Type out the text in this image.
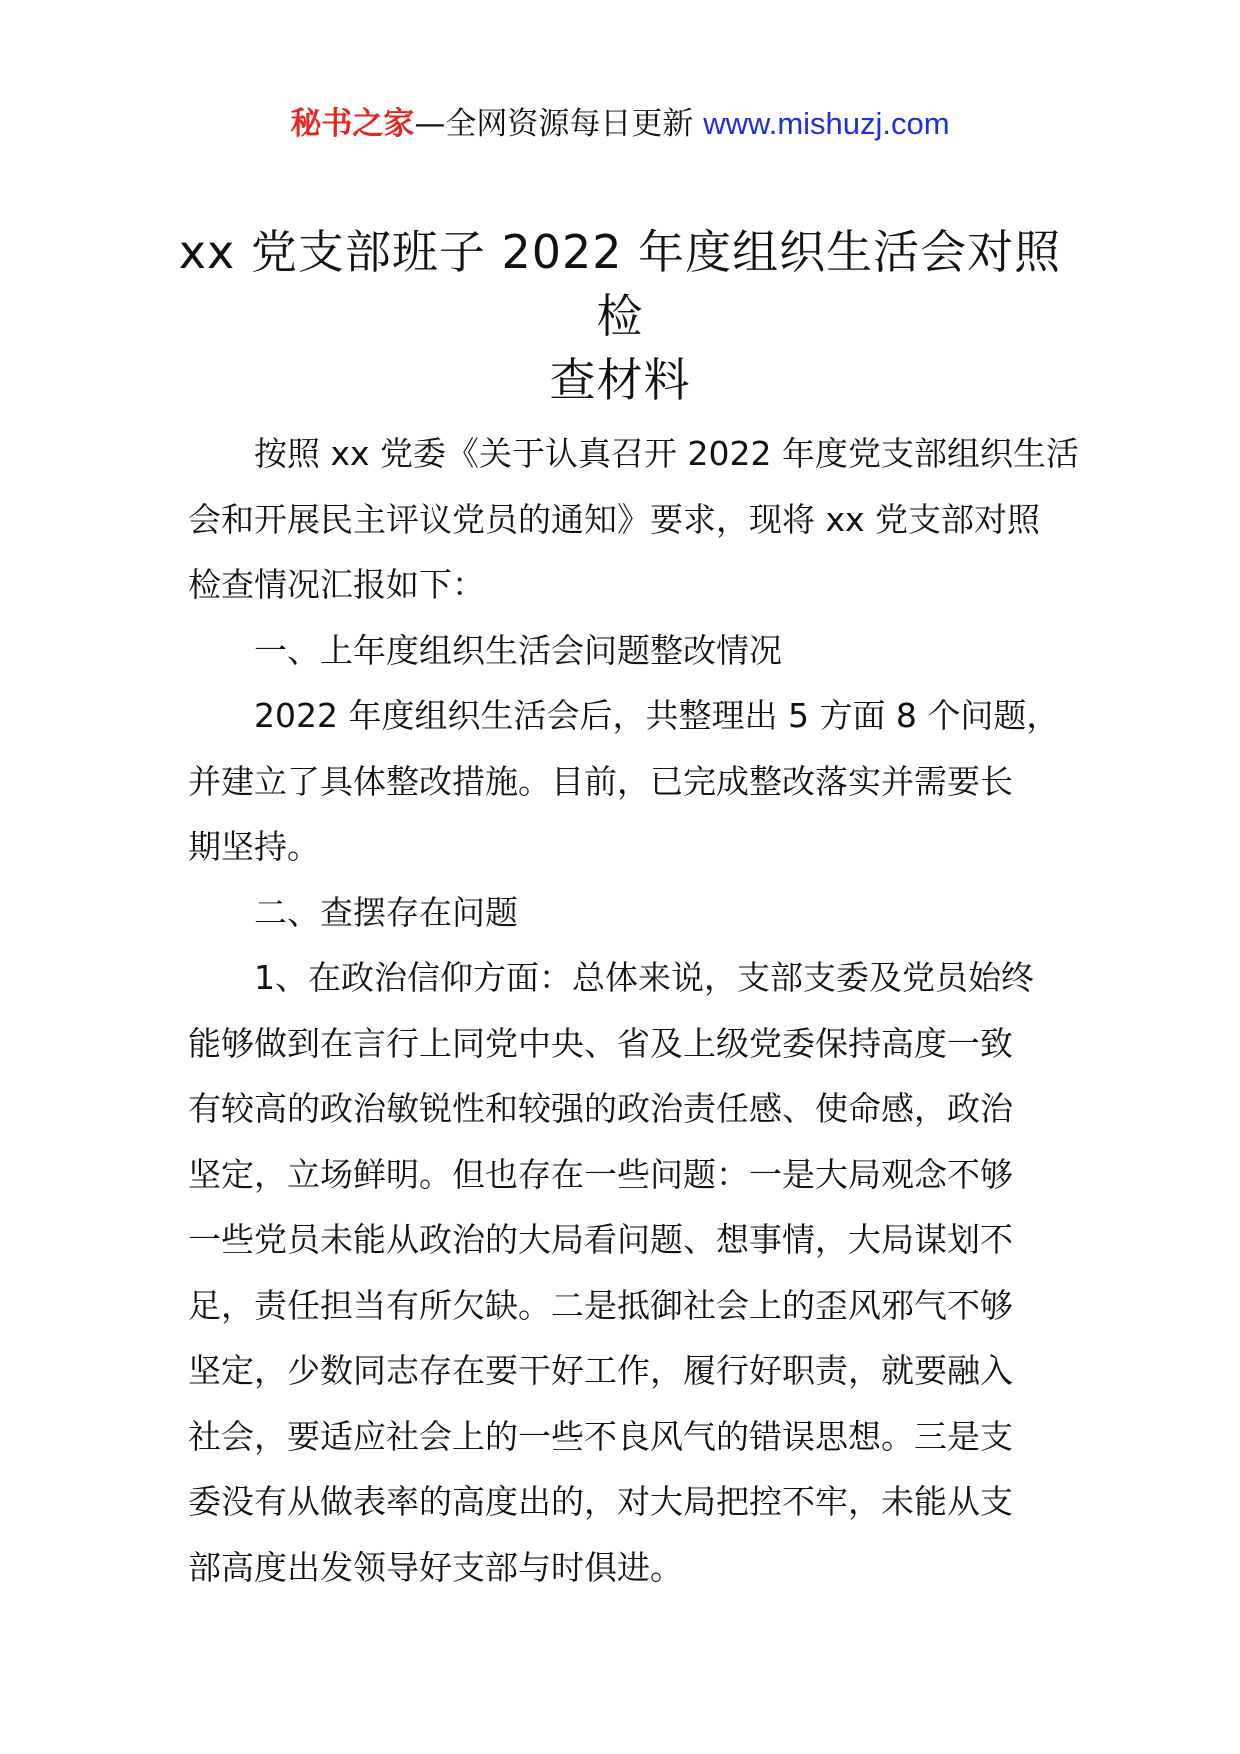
秘书之家—全网资源每日更新 www.mishuzj.com
xx 党支部班子 2022 年度组织生活会对照检
查材料

按照 xx 党委《关于认真召开 2022 年度党支部组织生活
会和开展民主评议党员的通知》要求，现将 xx 党支部对照
检查情况汇报如下：

一、上年度组织生活会问题整改情况

2022 年度组织生活会后，共整理出 5 方面 8 个问题，
并建立了具体整改措施。目前，已完成整改落实并需要长
期坚持。

二、查摆存在问题

1、在政治信仰方面：总体来说，支部支委及党员始终
能够做到在言行上同党中央、省及上级党委保持高度一致
有较高的政治敏锐性和较强的政治责任感、使命感，政治
坚定，立场鲜明。但也存在一些问题：一是大局观念不够
一些党员未能从政治的大局看问题、想事情，大局谋划不
足，责任担当有所欠缺。二是抵御社会上的歪风邪气不够
坚定，少数同志存在要干好工作，履行好职责，就要融入
社会，要适应社会上的一些不良风气的错误思想。三是支
委没有从做表率的高度出的，对大局把控不牢，未能从支
部高度出发领导好支部与时俱进。
